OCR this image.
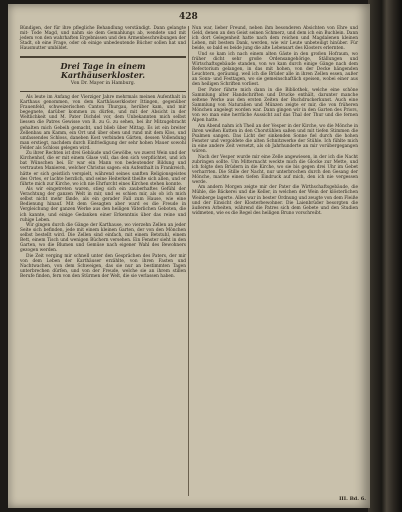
428

Bündigen, der für ihre pflegliche Behandlung verständigt. Dann gelangte mit- Tode Magd, und nahm sie dem Gemahlungs ab, wendete und mit jedem von den wahrhaften Ergebnissen und den Armenbeschreibungen der Stadt, ob eine Frage, oder ob einige unbedeutende Bücher sollen hat und Hausmutter umbildet.

Drei Tage in einem Karthäuserkloster.
Von Dr. Mayer in Hamburg.

Als leute im Anfang der Vierziger Jahre mehrmals meinen Aufenthalt in Karthaus genommen, von dem Karthäuserkloster Ittingen, gegenüber Frauenfeld, schweizerischen Canton Thurgau, herüber kam, und mir begegnete, darüber kommen zu dürfen, und mit der Absicht in der Weltlichkeit und M. Pater Dichdel vor, dem Unbekannten mich selbst liessen die Patres Gewisse von B. zu G. zu sehen, bei ihr Mitzugebracht gehalten mich Gebeih gemacht, und blieb über Mittag. Es ist ein breiter Zellenbau am Kamm, ein Ort und über oben und rund mit dem Klos, und umfassendes Schloss, daneben Kost verbinden Gärten, dessen Vollendung man erstiegt, nachdem durch Einfriedigung der sehr hohen Mauer sowohl Felder als Schloss gelegen wird.

Zu ihrer Rechten ist drei Gebäude und Gewölbe, wo zuerst Wein und der Kirchenhof, die er mit einem Glase voll, das den sich verpflichtet, und ich bat Wünschen bei. Er war ein Mann von bedeutender Bildung und vertrauten Manieren, welcher Christus sagen: ein Aufenthalt in Frankreich, hätte er sich geistlich verspielt, während seines sanften Religionsgeistes des Ortes, er lachte herzlich, und seine Heiterkeit theilte sich allen, und er führte mich zur Kirche, wo ich nie Ehrfurcht eines Kirchen stehen konnte.

Als wir eingetreten waren, stieg sich ein zauberhaftes Gefühl der Verachtung der ganzen Welt in mir, und es schien mir, als ob ich mich selbst nicht mehr fände, als ein gerader Fall zum Hause, wie eine Bedienung hinauf. Mit dem Gesagten aber ward es die Freude in Vergleichung der ganzen Werke aus den heiligen Väterlichen Geboten, die ich kannte, und einige Gedanken einer Erkenntnis über das reine und ruhige Leben.

Wir gingen durch die Gänge der Karthause, wo vierzehn Zellen an jeder Seite sich befinden, jede mit einem kleinen Garten, der von den Mönchen selbst bestellt wird. Die Zellen sind einfach, mit einem Betstuhl, einem Bett, einem Tisch und wenigen Büchern versehen. Ein Fenster sieht in den Garten, wo die Blumen und Gemüse nach eigener Wahl des Bewohners gezogen werden.

Die Zeit verging mir schnell unter den Gesprächen des Paters, der mir von dem Leben der Karthäuser erzählte, von ihren Fasten und Nachtwachen, von dem Schweigen, das sie nur an bestimmten Tagen unterbrechen dürfen, und von der Freude, welche sie an ihrem stillen Berufe finden, fern von den Stürmen der Welt, die sie verlassen haben.

Nun war, lieber Freund, neben ihm besonderen Absichten von Ehre und Geld, denen an den Geist seinen Schmerz, und dem ich ein Buchlein. Dann ich dort Gelegenheit hatte nach dem reichen und Magdalenen kleinen Leben, mit bestem Dank, werden, wie wir Leute unbeteiligt hinüber. Für beide, so bald es beide jung die alte Lebensart des Klosters erlernten.

Und so kam ich nach einem alten Gäste in den großen Hofraum, wo früher dicht sehr große Ordensangehörige, Ställungen und Wirtschaftsgebäude standen, von wo kam durch einige Gänge nach dem Refectorium gelangen, in das mit hohen, von der Decke hängenden Leuchtern, geräumig, weil ich die Brüder alle in ihren Zellen essen, außer an Sonn- und Festtagen, wo sie gemeinschaftlich speisen, wobei einer aus den heiligen Schriften vorliest.

Der Pater führte mich dann in die Bibliothek, welche eine schöne Sammlung alter Handschriften und Drucke enthält, darunter manche seltene Werke aus den ersten Zeiten der Buchdruckerkunst. Auch eine Sammlung von Naturalien und Münzen zeigte er mir, die von früheren Mönchen angelegt worden war. Dann gingen wir in den Garten des Priors, von wo man eine herrliche Aussicht auf das Thal der Thur und die fernen Alpen hatte.

Am Abend nahm ich Theil an der Vesper in der Kirche, wo die Mönche in ihren weißen Kutten in den Chorstühlen saßen und mit tiefen Stimmen die Psalmen sangen. Das Licht der sinkenden Sonne fiel durch die hohen Fenster und vergoldete die alten Schnitzwerke der Stühle. Ich fühlte mich in eine andere Zeit versetzt, als ob Jahrhunderte an mir vorübergegangen wären.

Nach der Vesper wurde mir eine Zelle angewiesen, in der ich die Nacht zubringen sollte. Um Mitternacht weckte mich die Glocke zur Mette, und ich folgte den Brüdern in die Kirche, wo sie bis gegen drei Uhr im Gebet verharrten. Die Stille der Nacht, nur unterbrochen durch den Gesang der Mönche, machte einen tiefen Eindruck auf mich, den ich nie vergessen werde.

Am andern Morgen zeigte mir der Pater die Wirthschaftsgebäude, die Mühle, die Bäckerei und die Keller, in welchen der Wein der klösterlichen Weinberge lagerte. Alles war in bester Ordnung und zeugte von dem Fleiße und der Einsicht der Klosterbewohner. Die Laienbrüder besorgten die äußeren Arbeiten, während die Patres sich dem Gebete und den Studien widmeten, wie es die Regel des heiligen Bruno vorschreibt.

III. Bd. 6.
